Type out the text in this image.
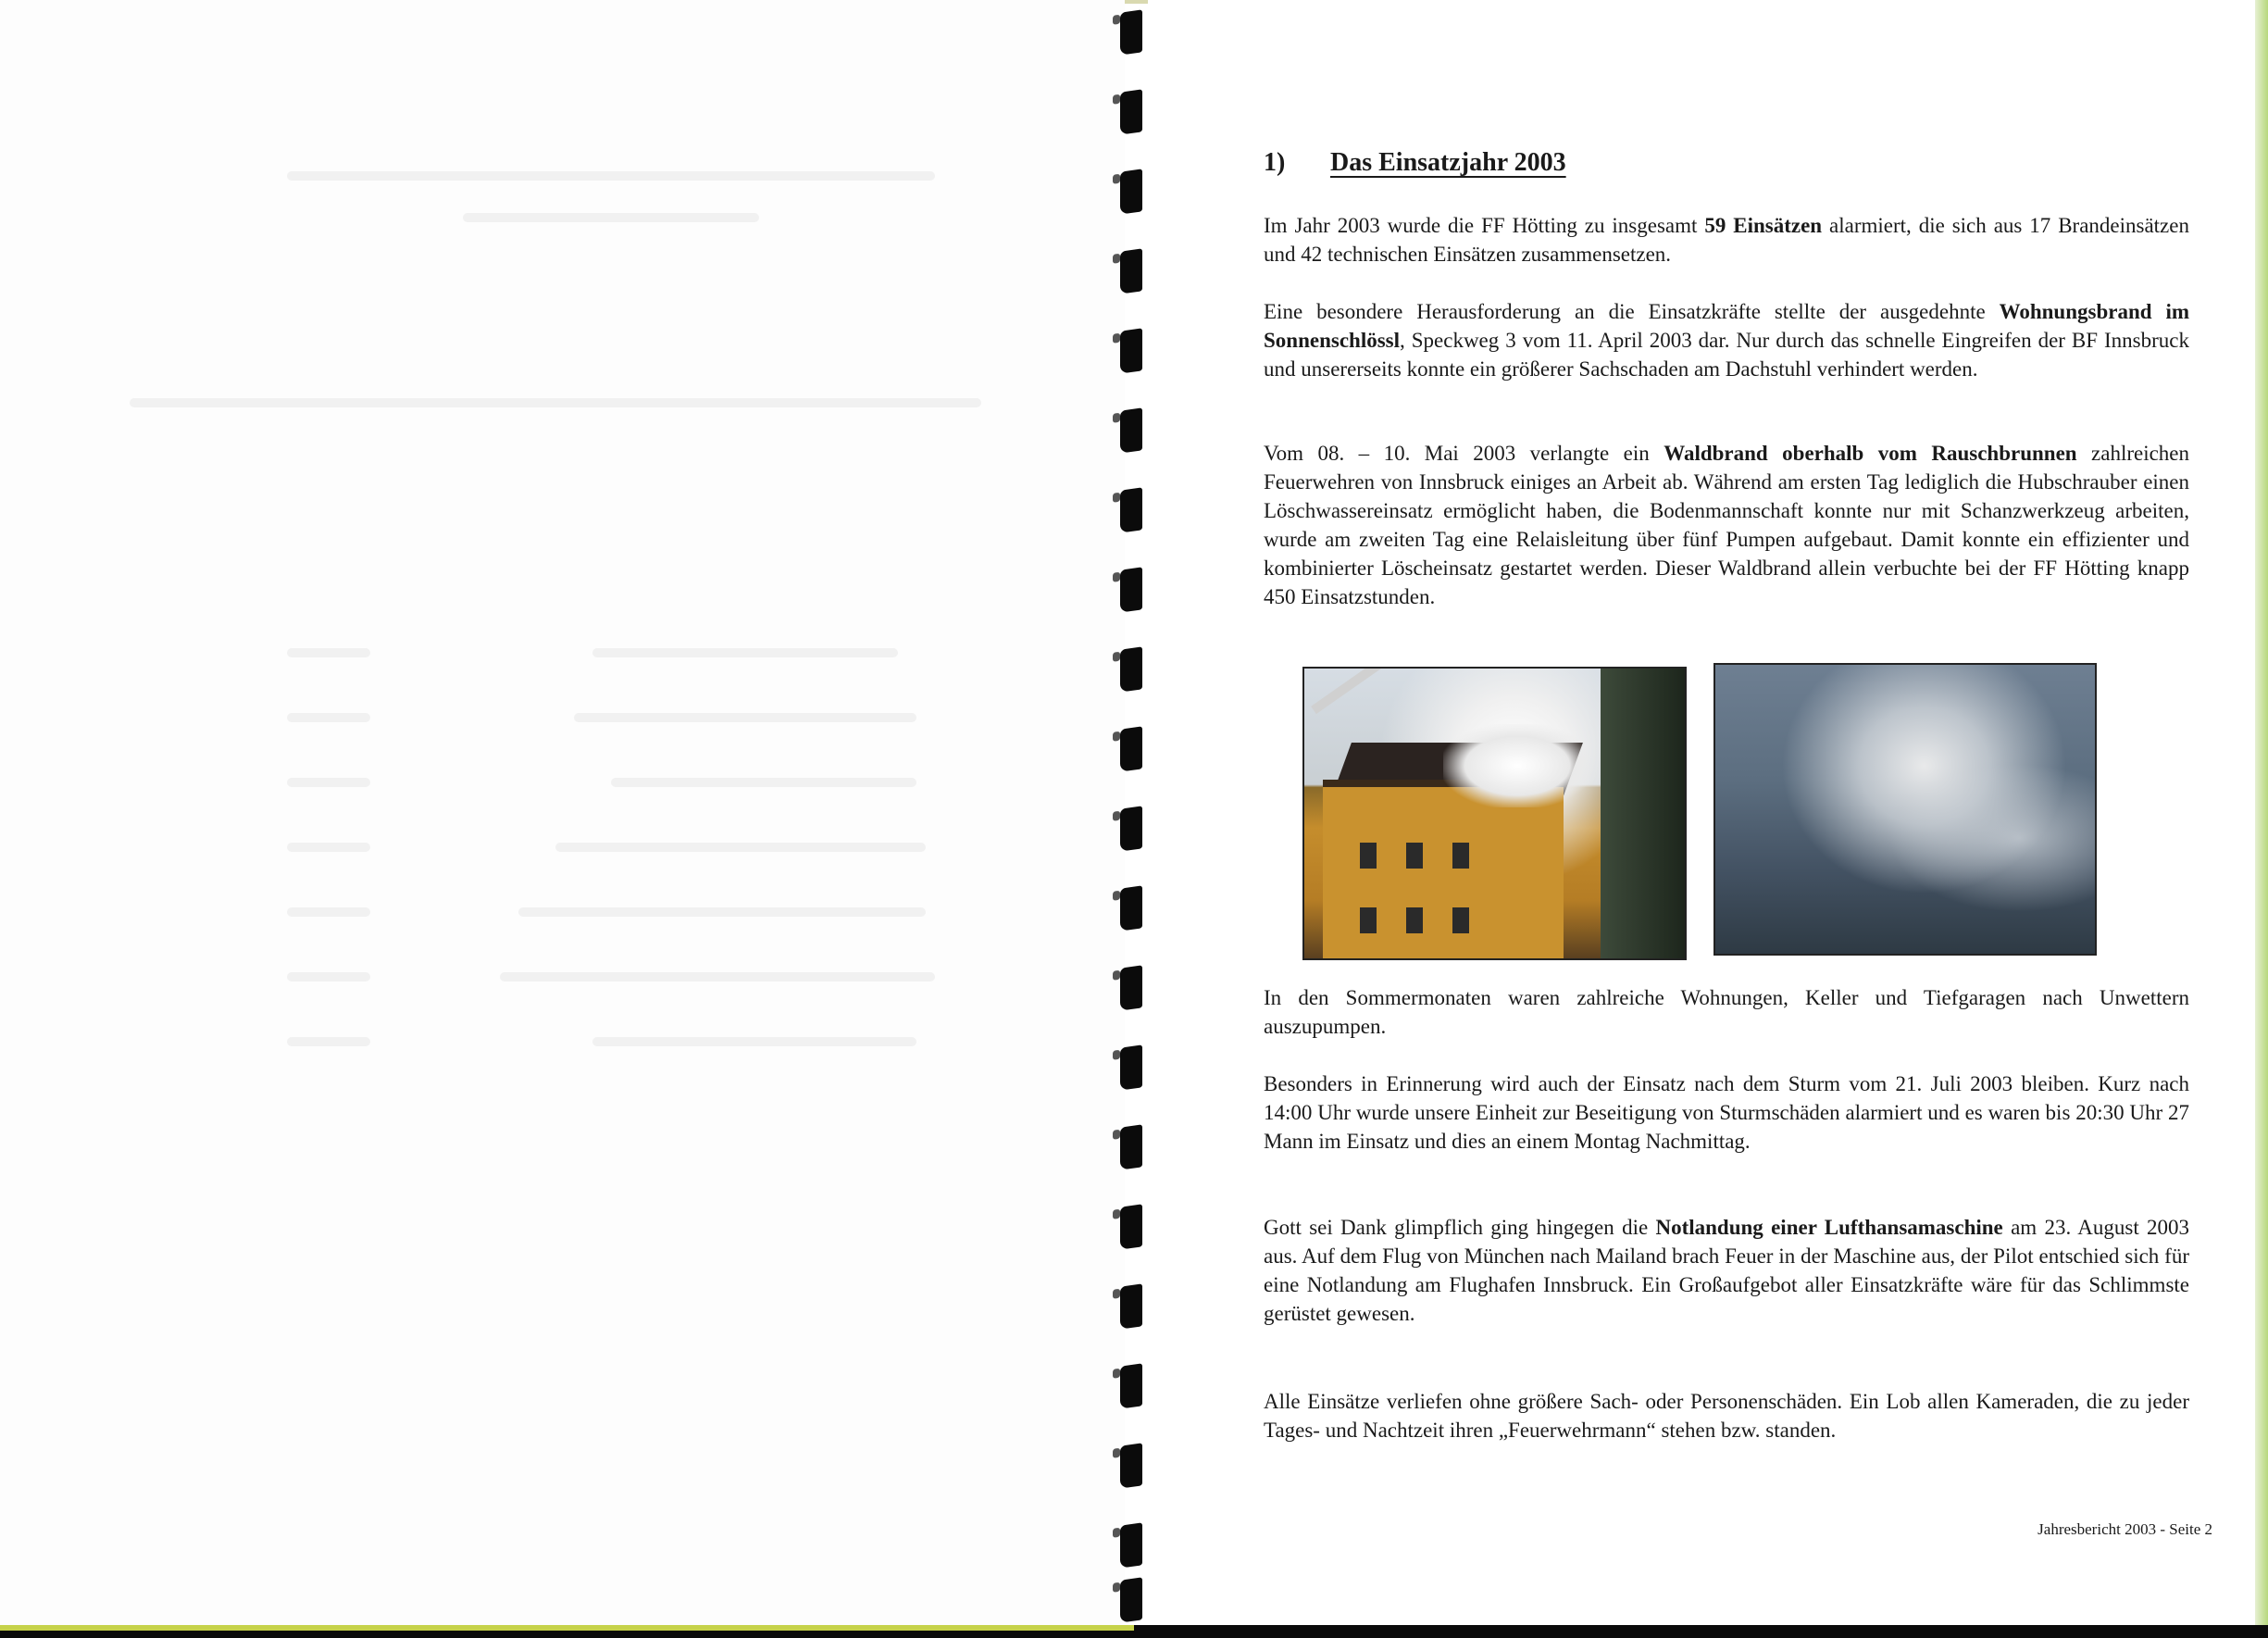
1) Das Einsatzjahr 2003
Im Jahr 2003 wurde die FF Hötting zu insgesamt 59 Einsätzen alarmiert, die sich aus 17 Brandeinsätzen und 42 technischen Einsätzen zusammensetzen.
Eine besondere Herausforderung an die Einsatzkräfte stellte der ausgedehnte Wohnungsbrand im Sonnenschlössl, Speckweg 3 vom 11. April 2003 dar. Nur durch das schnelle Eingreifen der BF Innsbruck und unsererseits konnte ein größerer Sachschaden am Dachstuhl verhindert werden.
Vom 08. – 10. Mai 2003 verlangte ein Waldbrand oberhalb vom Rauschbrunnen zahlreichen Feuerwehren von Innsbruck einiges an Arbeit ab. Während am ersten Tag lediglich die Hubschrauber einen Löschwassereinsatz ermöglicht haben, die Bodenmannschaft konnte nur mit Schanzwerkzeug arbeiten, wurde am zweiten Tag eine Relaisleitung über fünf Pumpen aufgebaut. Damit konnte ein effizienter und kombinierter Löscheinsatz gestartet werden. Dieser Waldbrand allein verbuchte bei der FF Hötting knapp 450 Einsatzstunden.
In den Sommermonaten waren zahlreiche Wohnungen, Keller und Tiefgaragen nach Unwettern auszupumpen.
Besonders in Erinnerung wird auch der Einsatz nach dem Sturm vom 21. Juli 2003 bleiben. Kurz nach 14:00 Uhr wurde unsere Einheit zur Beseitigung von Sturmschäden alarmiert und es waren bis 20:30 Uhr 27 Mann im Einsatz und dies an einem Montag Nachmittag.
Gott sei Dank glimpflich ging hingegen die Notlandung einer Lufthansamaschine am 23. August 2003 aus. Auf dem Flug von München nach Mailand brach Feuer in der Maschine aus, der Pilot entschied sich für eine Notlandung am Flughafen Innsbruck. Ein Großaufgebot aller Einsatzkräfte wäre für das Schlimmste gerüstet gewesen.
Alle Einsätze verliefen ohne größere Sach- oder Personenschäden. Ein Lob allen Kameraden, die zu jeder Tages- und Nachtzeit ihren „Feuerwehrmann“ stehen bzw. standen.
Jahresbericht 2003 - Seite 2
